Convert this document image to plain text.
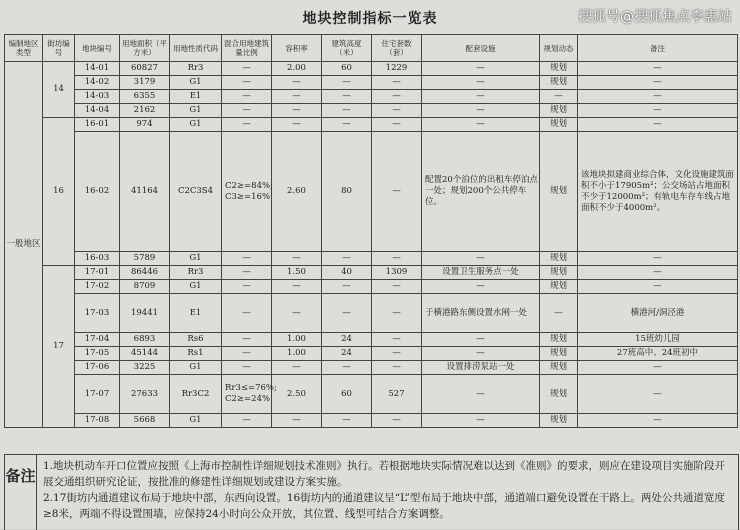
地块控制指标一览表	搜狐号@搜狐焦点李惠站
编制地区类型	街坊编号	地块编号	用地面积（平方米）	用地性质代码	混合用地建筑量比例	容积率	建筑高度（米）	住宅套数（套）	配套设施	规划动态	备注
一般地区	14	14-01	60827	Rr3	—	2.00	60	1229	—	规划	—
		14-02	3179	G1	—	—	—	—	—	规划	—
		14-03	6355	E1	—	—	—	—	—	—	—
		14-04	2162	G1	—	—	—	—	—	规划	—
	16	16-01	974	G1	—	—	—	—	—	规划	—
		16-02	41164	C2C3S4	C2≥=84%; C3≥=16%	2.60	80	—	配置20个泊位的出租车停泊点一处；规划200个公共停车位。	规划	该地块拟建商业综合体，文化设施建筑面积不小于17905m²；公交场站占地面积不少于12000m²；有轨电车存车线占地面积不少于4000m²。
		16-03	5789	G1	—	—	—	—	—	规划	—
	17	17-01	86446	Rr3	—	1.50	40	1309	设置卫生服务点一处	规划	—
		17-02	8709	G1	—	—	—	—	—	规划	—
		17-03	19441	E1	—	—	—	—	于横港路东侧设置水闸一处	—	横港河/洞泾港
		17-04	6893	Rs6	—	1.00	24	—	—	规划	15班幼儿园
		17-05	45144	Rs1	—	1.00	24	—	—	规划	27班高中、24班初中
		17-06	3225	G1	—	—	—	—	设置排涝泵站一处	规划	—
		17-07	27633	Rr3C2	Rr3≤=76%; C2≥=24%	2.50	60	527	—	规划	—
		17-08	5668	G1	—	—	—	—	—	规划	—
备注
1.地块机动车开口位置应按照《上海市控制性详细规划技术准则》执行。若根据地块实际情况难以达到《准则》的要求，则应在建设项目实施阶段开展交通组织研究论证，按批准的修建性详细规划或建设方案实施。
2.17街坊内通道建议布局于地块中部，东西向设置。16街坊内的通道建议呈“L”型布局于地块中部，通道端口避免设置在干路上。两处公共通道宽度≥8米，两端不得设置围墙，应保持24小时向公众开放，其位置、线型可结合方案调整。
